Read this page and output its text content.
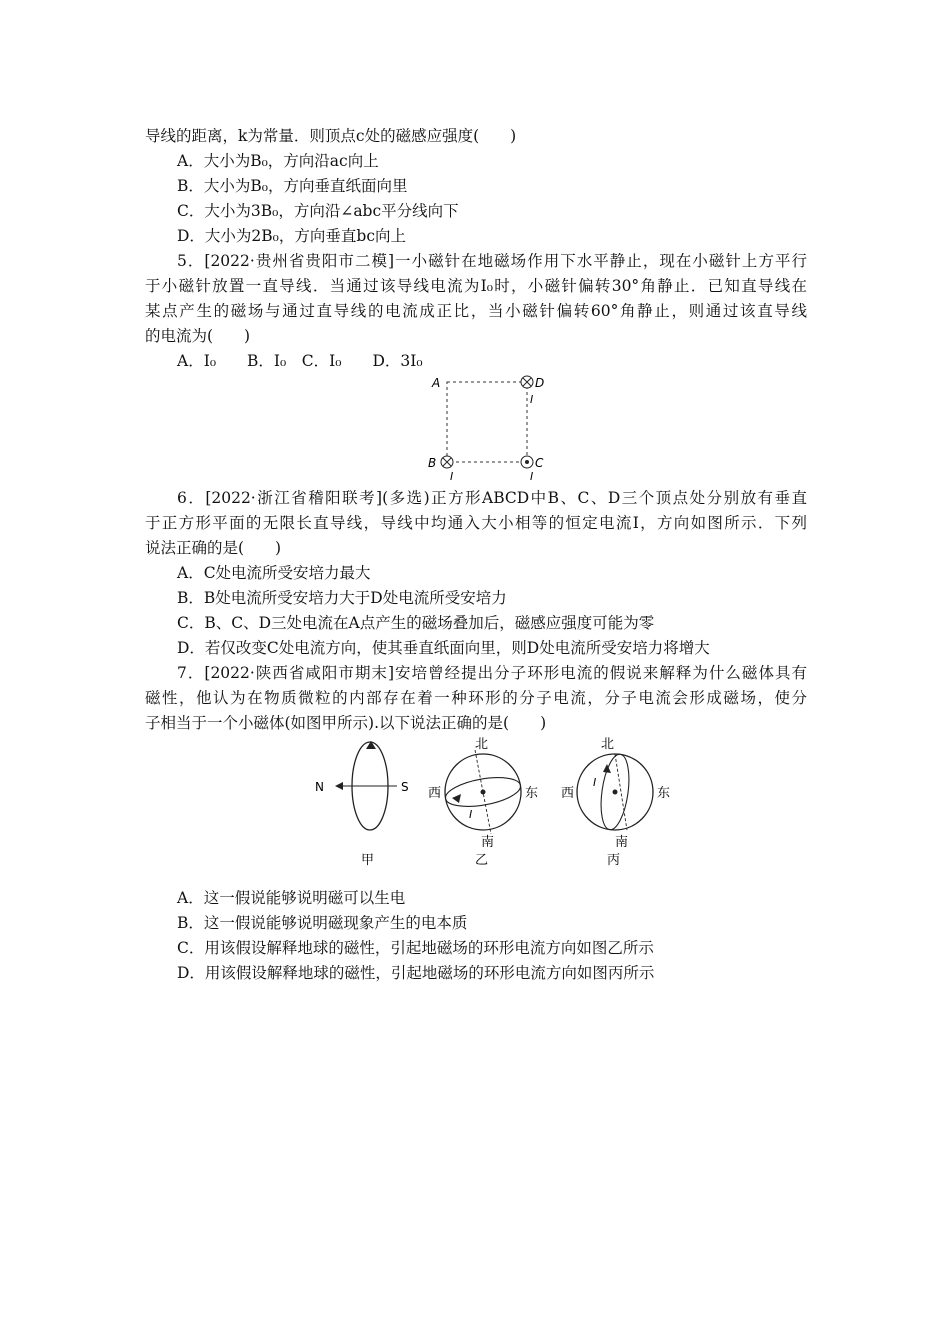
导线的距离，k为常量．则顶点c处的磁感应强度(　　)
A．大小为B₀，方向沿ac向上
B．大小为B₀，方向垂直纸面向里
C．大小为3B₀，方向沿∠abc平分线向下
D．大小为2B₀，方向垂直bc向上
5．[2022·贵州省贵阳市二模]一小磁针在地磁场作用下水平静止，现在小磁针上方平行
于小磁针放置一直导线．当通过该导线电流为I₀时，小磁针偏转30°角静止．已知直导线在
某点产生的磁场与通过直导线的电流成正比，当小磁针偏转60°角静止，则通过该直导线
的电流为(　　)
A．I₀　　B．I₀　C．I₀　　D．3I₀
A	D
I
B
I
C
I
6．[2022·浙江省稽阳联考](多选)正方形ABCD中B、C、D三个顶点处分别放有垂直
于正方形平面的无限长直导线，导线中均通入大小相等的恒定电流I，方向如图所示．下列
说法正确的是(　　)
A．C处电流所受安培力最大
B．B处电流所受安培力大于D处电流所受安培力
C．B、C、D三处电流在A点产生的磁场叠加后，磁感应强度可能为零
D．若仅改变C处电流方向，使其垂直纸面向里，则D处电流所受安培力将增大
7．[2022·陕西省咸阳市期末]安培曾经提出分子环形电流的假说来解释为什么磁体具有
磁性，他认为在物质微粒的内部存在着一种环形的分子电流，分子电流会形成磁场，使分
子相当于一个小磁体(如图甲所示).以下说法正确的是(　　)
N	S
甲
北
南
西	东
I
乙
北
南
西	东
I
丙
A．这一假说能够说明磁可以生电
B．这一假说能够说明磁现象产生的电本质
C．用该假设解释地球的磁性，引起地磁场的环形电流方向如图乙所示
D．用该假设解释地球的磁性，引起地磁场的环形电流方向如图丙所示
